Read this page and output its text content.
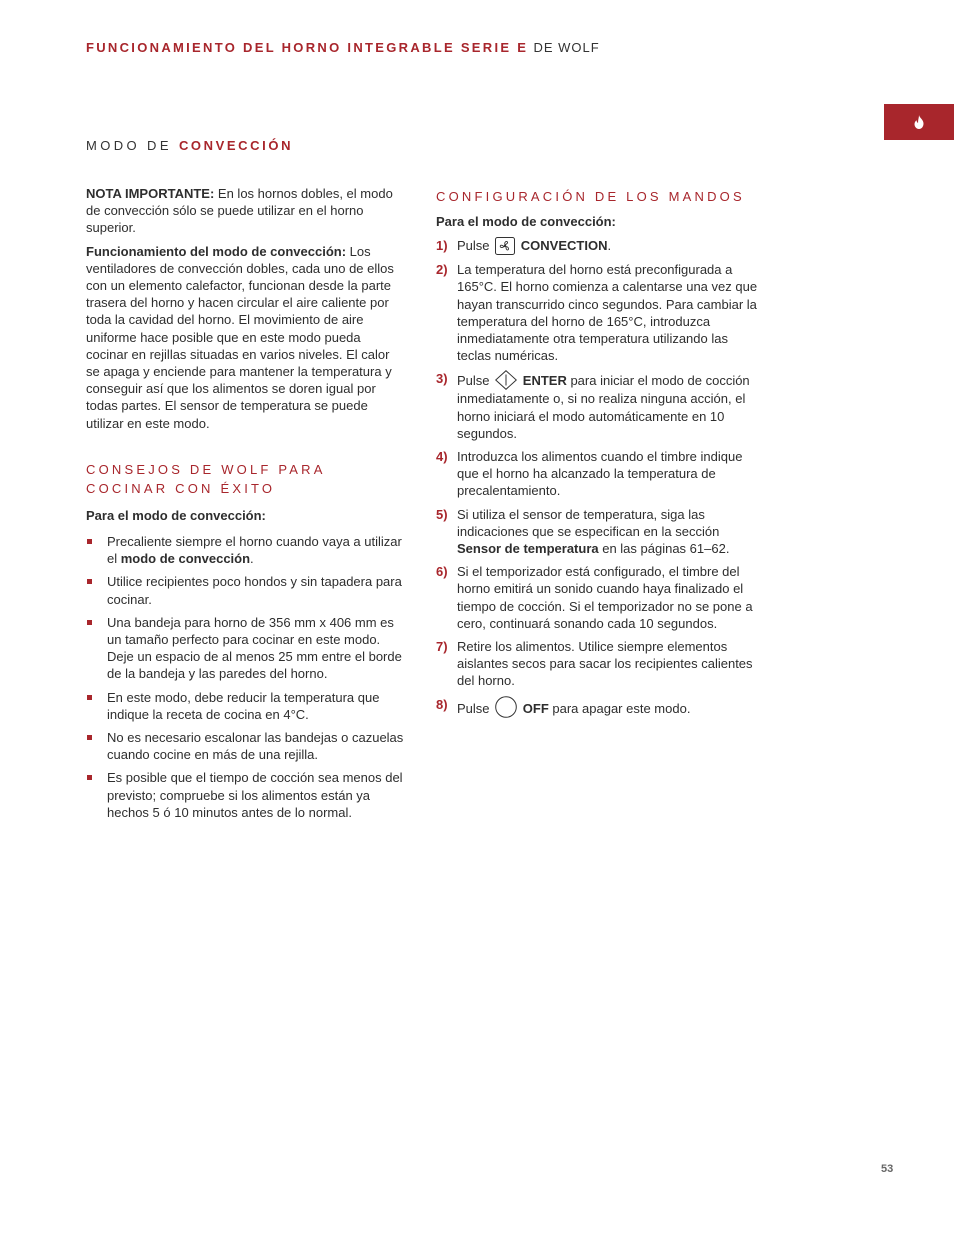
FUNCIONAMIENTO DEL HORNO INTEGRABLE SERIE E DE WOLF
MODO DE CONVECCIÓN

NOTA IMPORTANTE: En los hornos dobles, el modo de convección sólo se puede utilizar en el horno superior.

Funcionamiento del modo de convección: Los ventiladores de convección dobles, cada uno de ellos con un elemento calefactor, funcionan desde la parte trasera del horno y hacen circular el aire caliente por toda la cavidad del horno. El movimiento de aire uniforme hace posible que en este modo pueda cocinar en rejillas situadas en varios niveles. El calor se apaga y enciende para mantener la temperatura y conseguir así que los alimentos se doren igual por todas partes. El sensor de temperatura se puede utilizar en este modo.

CONSEJOS DE WOLF PARA
COCINAR CON ÉXITO

Para el modo de convección:

Precaliente siempre el horno cuando vaya a utilizar el modo de convección.
Utilice recipientes poco hondos y sin tapadera para cocinar.
Una bandeja para horno de 356 mm x 406 mm es un tamaño perfecto para cocinar en este modo. Deje un espacio de al menos 25 mm entre el borde de la bandeja y las paredes del horno.
En este modo, debe reducir la temperatura que indique la receta de cocina en 4°C.
No es necesario escalonar las bandejas o cazuelas cuando cocine en más de una rejilla.
Es posible que el tiempo de cocción sea menos del previsto; compruebe si los alimentos están ya hechos 5 ó 10 minutos antes de lo normal.
CONFIGURACIÓN DE LOS MANDOS

Para el modo de convección:

1) Pulse CONVECTION.
2) La temperatura del horno está preconfigurada a 165°C. El horno comienza a calentarse una vez que hayan transcurrido cinco segundos. Para cambiar la temperatura del horno de 165°C, introduzca inmediatamente otra temperatura utilizando las teclas numéricas.
3) Pulse	ENTER para iniciar el modo de cocción inmediatamente o, si no realiza ninguna acción, el horno iniciará el modo automáticamente en 10 segundos.
4) Introduzca los alimentos cuando el timbre indique que el horno ha alcanzado la temperatura de precalentamiento.
5) Si utiliza el sensor de temperatura, siga las indicaciones que se especifican en la sección Sensor de temperatura en las páginas 61–62.
6) Si el temporizador está configurado, el timbre del horno emitirá un sonido cuando haya finalizado el tiempo de cocción. Si el temporizador no se pone a cero, continuará sonando cada 10 segundos.
7) Retire los alimentos. Utilice siempre elementos aislantes secos para sacar los recipientes calientes del horno.
8) Pulse	OFF para apagar este modo.
53
